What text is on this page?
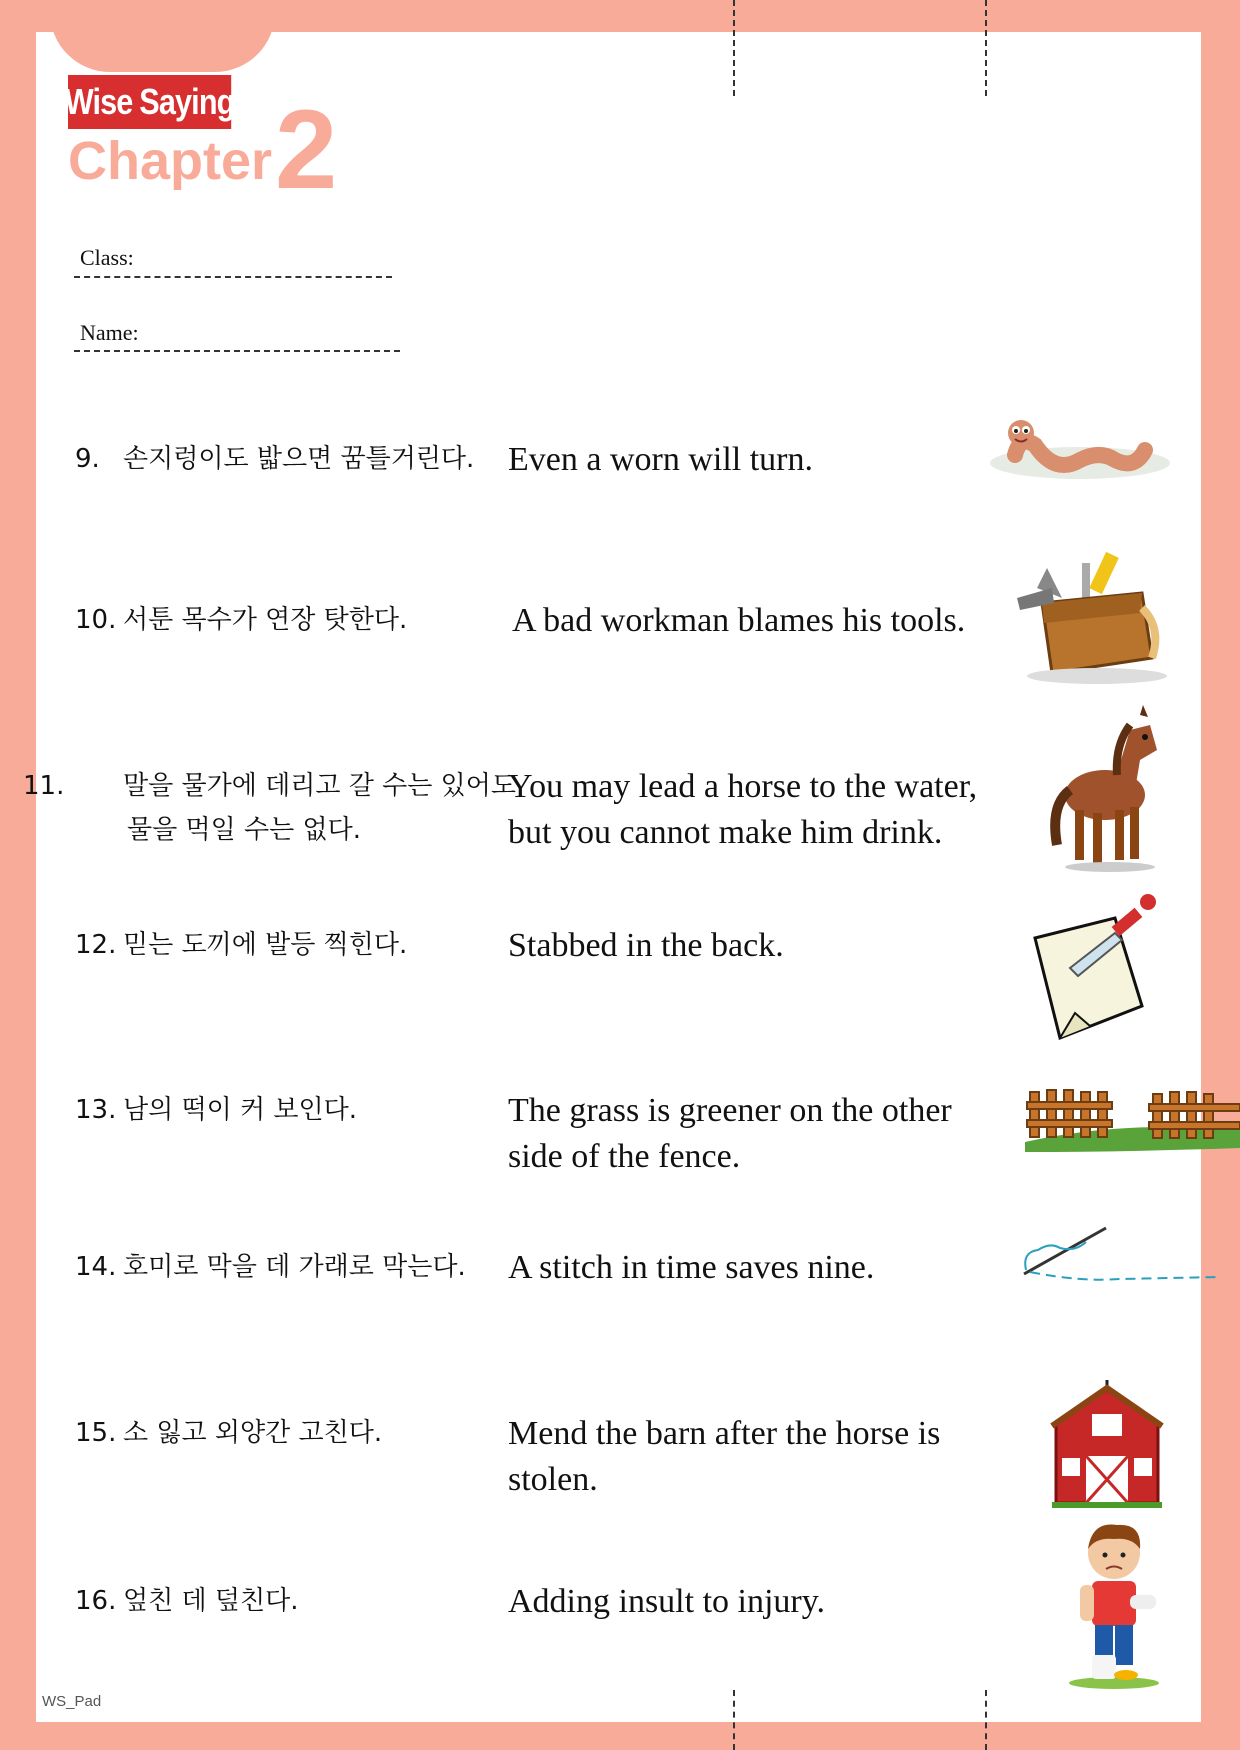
Wise Saying
Chapter 2
Class:
Name:
9. 손지렁이도 밟으면 꿈틀거린다. Even a worn will turn.
10. 서툰 목수가 연장 탓한다.	A bad workman blames his tools.
11. 말을 물가에 데리고 갈 수는 있어도 물을 먹일 수는 없다.
You may lead a horse to the water, but you cannot make him drink.
12. 믿는 도끼에 발등 찍힌다.	Stabbed in the back.
13. 남의 떡이 커 보인다.	The grass is greener on the other side of the fence.
14. 호미로 막을 데 가래로 막는다. A stitch in time saves nine.
15. 소 잃고 외양간 고친다.	Mend the barn after the horse is stolen.
16. 엎친 데 덮친다.	Adding insult to injury.
WS_Pad
